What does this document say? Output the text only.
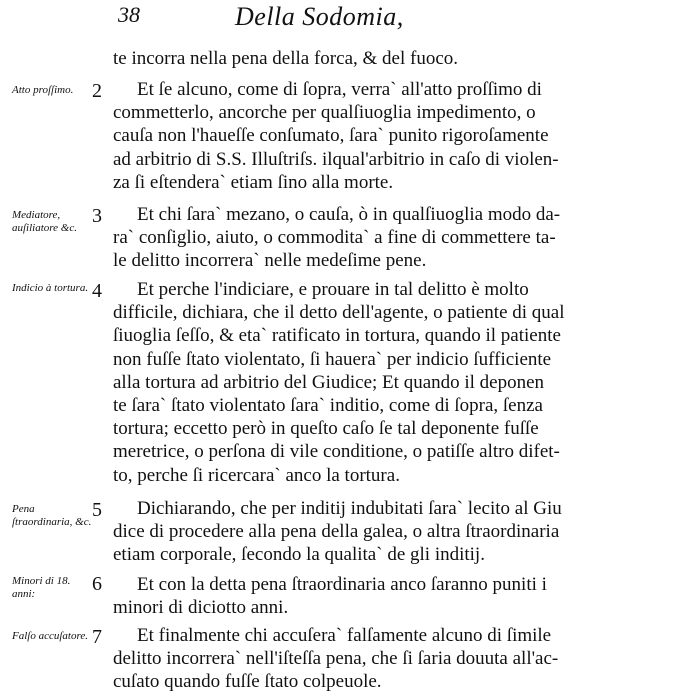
38	Della Sodomia,
te incorra nella pena della forca, & del fuoco.
Atto proſſimo. 2	Et ſe alcuno, come di ſopra, verra` all'atto proſſimo di
commetterlo, ancorche per qualſiuoglia impedimento, o
cauſa non l'haueſſe conſumato, ſara` punito rigoroſamente
ad arbitrio di S.S. Illuſtriſs. ilqual'arbitrio in caſo di violen-
za ſi eſtendera` etiam ſino alla morte.
Mediatore, auſiliatore &c.
3	Et chi ſara` mezano, o cauſa, ò in qualſiuoglia modo da-
ra` conſiglio, aiuto, o commodita` a fine di commettere ta-
le delitto incorrera` nelle medeſime pene.
Indicio à tortura. 4	Et perche l'indiciare, e prouare in tal delitto è molto
difficile, dichiara, che il detto dell'agente, o patiente di qual
ſiuoglia ſeſſo, & eta` ratificato in tortura, quando il patiente
non fuſſe ſtato violentato, ſi hauera` per indicio ſufficiente
alla tortura ad arbitrio del Giudice; Et quando il deponen
te ſara` ſtato violentato ſara` inditio, come di ſopra, ſenza
tortura; eccetto però in queſto caſo ſe tal deponente fuſſe
meretrice, o perſona di vile conditione, o patiſſe altro difet-
to, perche ſi ricercara` anco la tortura.
Pena ſtraordinaria, &c.
5	Dichiarando, che per inditij indubitati ſara` lecito al Giu
dice di procedere alla pena della galea, o altra ſtraordinaria
etiam corporale, ſecondo la qualita` de gli inditij.
Minori di 18. anni:	6	Et con la detta pena ſtraordinaria anco ſaranno puniti i
minori di diciotto anni.
Falſo accuſatore. 7	Et finalmente chi accuſera` falſamente alcuno di ſimile
delitto incorrera` nell'iſteſſa pena, che ſi ſaria douuta all'ac-
cuſato quando fuſſe ſtato colpeuole.
